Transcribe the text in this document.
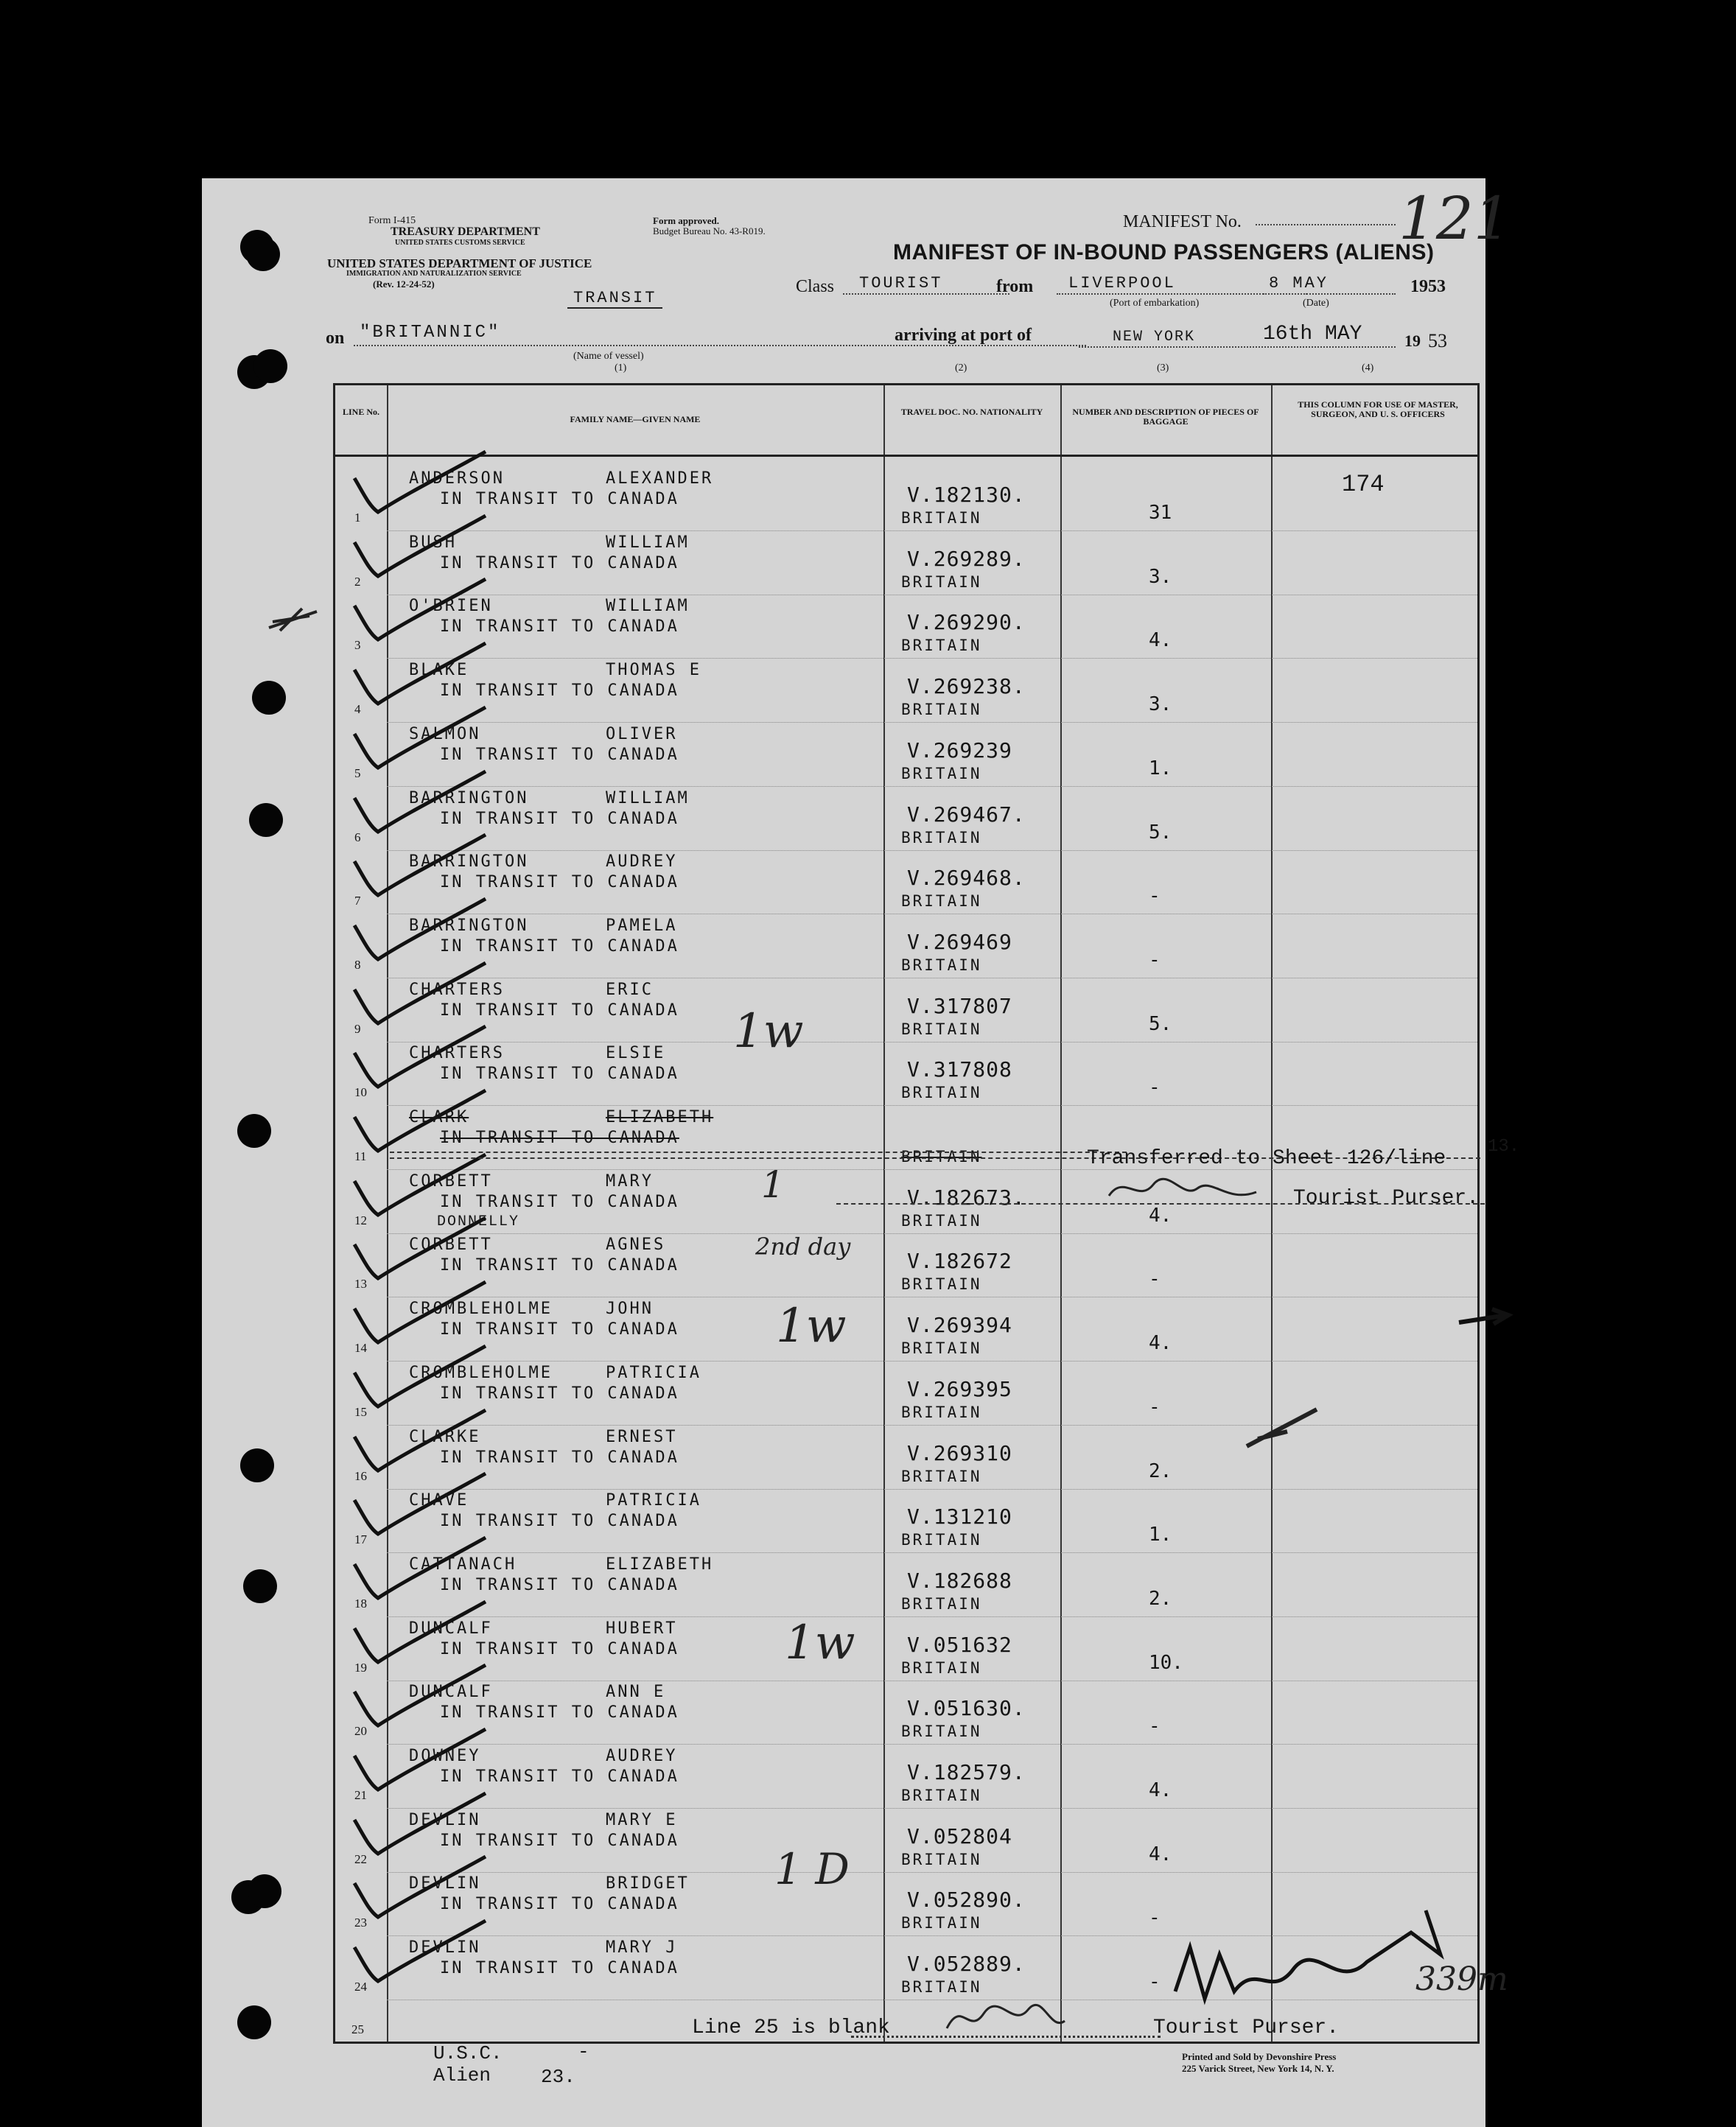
Form I-415
TREASURY DEPARTMENT
UNITED STATES CUSTOMS SERVICE
UNITED STATES DEPARTMENT OF JUSTICE
IMMIGRATION AND NATURALIZATION SERVICE
(Rev. 12-24-52)
TRANSIT
Form approved.
Budget Bureau No. 43-R019.	MANIFEST No.	121
MANIFEST OF IN-BOUND PASSENGERS (ALIENS)
Class TOURIST	from LIVERPOOL	8 MAY	1953
(Port of embarkation)	(Date)
on "BRITANNIC"
(Name of vessel)
(1)
arriving at port of	NEW YORK	16th MAY	19 53
(2)	(3)	(4)
LINE No.
FAMILY NAME—GIVEN NAME
TRAVEL DOC. NO. NATIONALITY	NUMBER AND DESCRIPTION OF PIECES OF BAGGAGE
THIS COLUMN FOR USE OF MASTER, SURGEON, AND U. S. OFFICERS
174
1
ANDERSON	ALEXANDER
IN TRANSIT TO CANADA	V.182130.
BRITAIN	31
2
BUSH	WILLIAM
IN TRANSIT TO CANADA	V.269289.
BRITAIN	3.
3
O'BRIEN	WILLIAM
IN TRANSIT TO CANADA	V.269290.
BRITAIN	4.
4
BLAKE	THOMAS E
IN TRANSIT TO CANADA	V.269238.
BRITAIN	3.
5
SALMON	OLIVER
IN TRANSIT TO CANADA	V.269239
BRITAIN	1.
6
BARRINGTON	WILLIAM
IN TRANSIT TO CANADA	V.269467.
BRITAIN	5.
7
BARRINGTON	AUDREY
IN TRANSIT TO CANADA	V.269468.
BRITAIN	-
8
BARRINGTON	PAMELA
IN TRANSIT TO CANADA	V.269469
BRITAIN	-
9
CHARTERS	ERIC
IN TRANSIT TO CANADA	V.317807
BRITAIN	5.
10
CHARTERS	ELSIE
IN TRANSIT TO CANADA	V.317808
BRITAIN	-
11
CLARK	ELIZABETH
IN TRANSIT TO CANADA
BRITAIN
12
CORBETT	MARY
IN TRANSIT TO CANADA	V.182673.
BRITAIN	4.
13
CORBETT	AGNES
IN TRANSIT TO CANADA	V.182672
BRITAIN	-
14
CROMBLEHOLME	JOHN
IN TRANSIT TO CANADA	V.269394
BRITAIN	4.
15
CROMBLEHOLME	PATRICIA
IN TRANSIT TO CANADA	V.269395
BRITAIN	-
16
CLARKE	ERNEST
IN TRANSIT TO CANADA	V.269310
BRITAIN	2.
17
CHAVE	PATRICIA
IN TRANSIT TO CANADA	V.131210
BRITAIN	1.
18
CATTANACH	ELIZABETH
IN TRANSIT TO CANADA	V.182688
BRITAIN	2.
19
DUNCALF	HUBERT
IN TRANSIT TO CANADA	V.051632
BRITAIN	10.
20
DUNCALF	ANN E
IN TRANSIT TO CANADA	V.051630.
BRITAIN	-
21
DOWNEY	AUDREY
IN TRANSIT TO CANADA	V.182579.
BRITAIN	4.
22
DEVLIN	MARY E
IN TRANSIT TO CANADA	V.052804
BRITAIN	4.
23
DEVLIN	BRIDGET
IN TRANSIT TO CANADA	V.052890.
BRITAIN	-
24
DEVLIN	MARY J
IN TRANSIT TO CANADA	V.052889.
BRITAIN	-
Transferred to Sheet 126/line
13.
Tourist Purser.
DONNELLY
1w
1
2nd day
1w
1w
1 D
25	Line 25 is blank	Tourist Purser.
339m
U.S.C.	-
Alien	23.
Printed and Sold by Devonshire Press
225 Varick Street, New York 14, N. Y.
